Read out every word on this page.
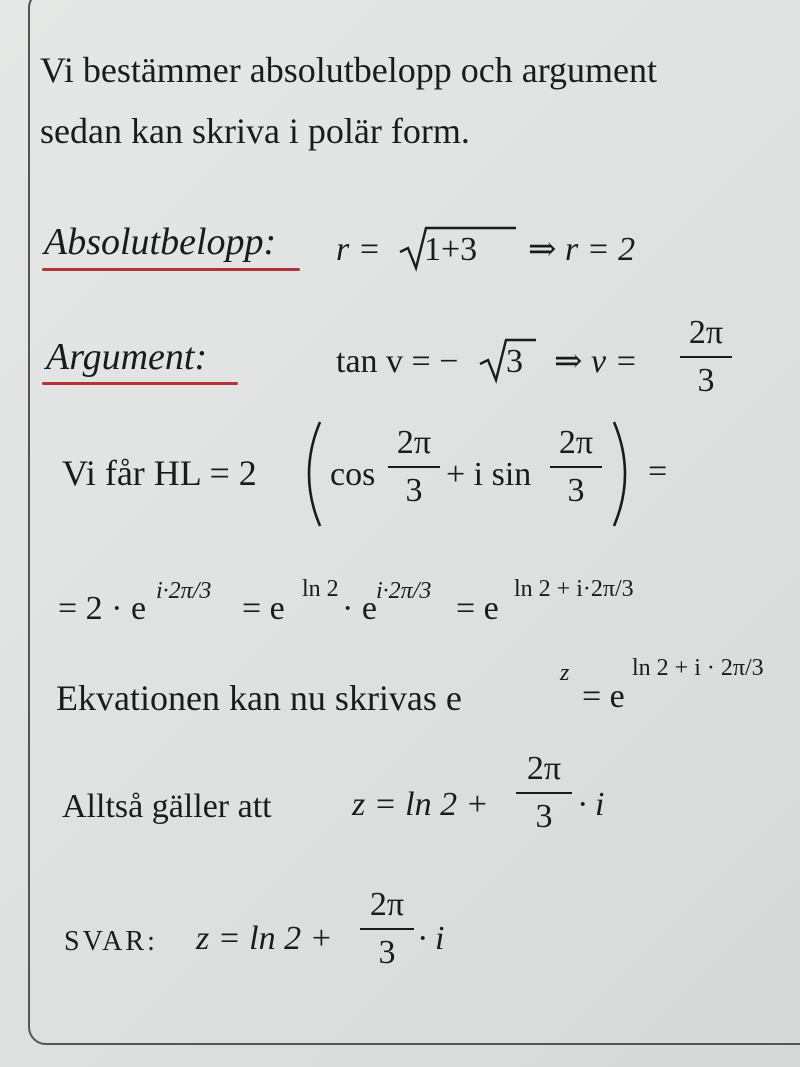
Vi bestämmer absolutbelopp och argument
sedan kan skriva i polär form.
Absolutbelopp: r = 1+3 ⇒ r = 2
Argument:	tan v = − 3 ⇒ v =
2π
3
Vi får HL = 2 cos
2π
3 + i sin
2π
3
=
= 2 · e i·2π/3 = e
ln 2
· e i·2π/3 = e
ln 2 + i·2π/3
Ekvationen kan nu skrivas e
z
= e
ln 2 + i · 2π/3
Alltså gäller att z = ln 2 +
2π
3 · i
SVAR: z = ln 2 +
2π
3 · i
